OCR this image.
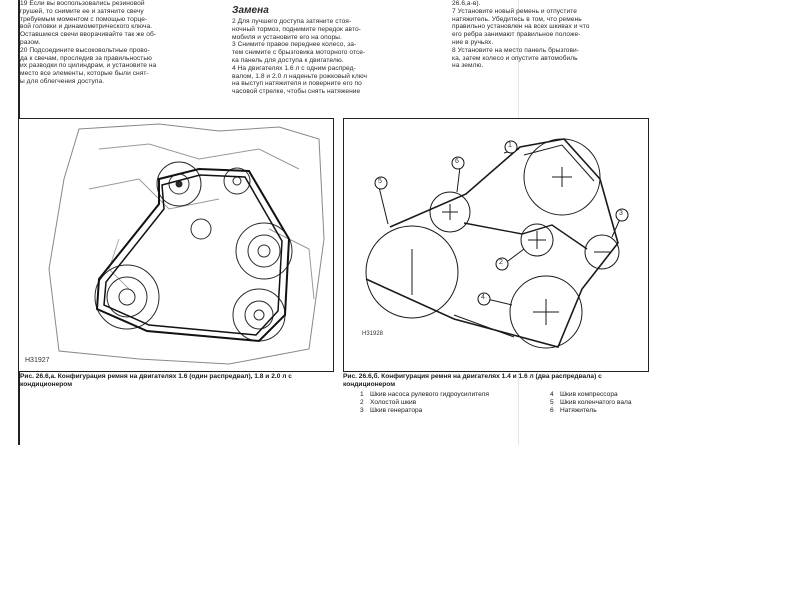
19 Если вы воспользовались резиновой

грушей, то снимите ее и затяните свечу

требуемым моментом с помощью торце-

вой головки и динамометрического ключа.

Оставшиеся свечи вворачивайте так же об-

разом.

20 Подсоедините высоковольтные прово-

да к свечам, проследив за правильностью

их разводки по цилиндрам, и установите на

место все элементы, которые были снят-

ы для облегчения доступа.

Замена

2 Для лучшего доступа затяните стоя-

ночный тормоз, поднимите передок авто-

мобиля и установите его на опоры.

3 Снимите правое переднее колесо, за-

тем снимите с брызговика моторного отсе-

ка панель для доступа к двигателю.

4 На двигателях 1.6 л с одним распред-

валом, 1.8 и 2.0 л наденьте рожковый ключ

на выступ натяжителя и поверните его по

часовой стрелке, чтобы снять натяжение

26.6,а-в).

7 Установите новый ремень и отпустите

натяжитель. Убедитесь в том, что ремень

правильно установлен на всех шкивах и что

его ребра занимают правильное положе-

ние в ручьях.

8 Установите на место панель брызгови-

ка, затем колесо и опустите автомобиль

на землю.

H31927
1
2
3
4
5
6
H31928
Рис. 26.6,а. Конфигурация ремня на двигателях 1.6 (один распредвал), 1.8 и 2.0 л с кондиционером
Рис. 26.6,б. Конфигурация ремня на двигателях 1.4 и 1.6 л (два распредвала) с кондиционером
1 Шкив насоса рулевого гидроусилителя
2 Холостой шкив
3 Шкив генератора
4 Шкив компрессора
5 Шкив коленчатого вала
6 Натяжитель
